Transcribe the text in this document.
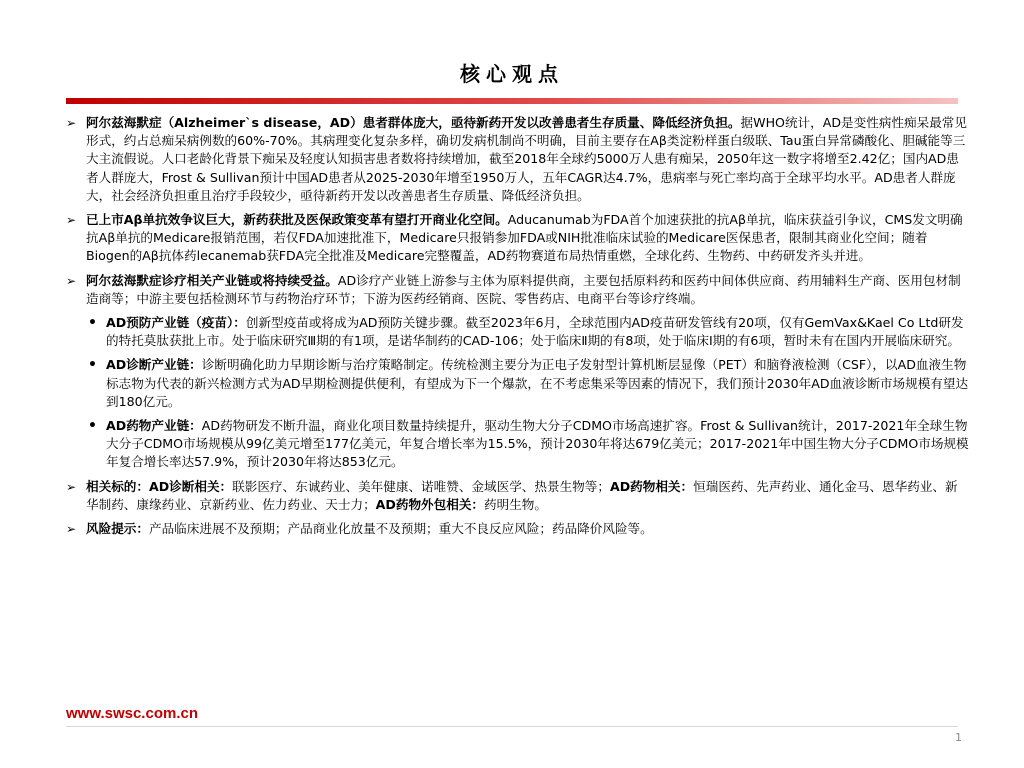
核心观点
➢ 阿尔兹海默症（Alzheimer`s disease，AD）患者群体庞大，亟待新药开发以改善患者生存质量、降低经济负担。据WHO统计，AD是变性病性痴呆最常见形式，约占总痴呆病例数的60%-70%。其病理变化复杂多样，确切发病机制尚不明确，目前主要存在Aβ类淀粉样蛋白级联、Tau蛋白异常磷酸化、胆碱能等三大主流假说。人口老龄化背景下痴呆及轻度认知损害患者数将持续增加，截至2018年全球约5000万人患有痴呆，2050年这一数字将增至2.42亿；国内AD患者人群庞大，Frost & Sullivan预计中国AD患者从2025-2030年增至1950万人，五年CAGR达4.7%，患病率与死亡率均高于全球平均水平。AD患者人群庞大，社会经济负担重且治疗手段较少，亟待新药开发以改善患者生存质量、降低经济负担。
➢ 已上市Aβ单抗效争议巨大，新药获批及医保政策变革有望打开商业化空间。Aducanumab为FDA首个加速获批的抗Aβ单抗，临床获益引争议，CMS发文明确抗Aβ单抗的Medicare报销范围，若仅FDA加速批准下，Medicare只报销参加FDA或NIH批准临床试验的Medicare医保患者，限制其商业化空间；随着Biogen的Aβ抗体药lecanemab获FDA完全批准及Medicare完整覆盖，AD药物赛道布局热情重燃，全球化药、生物药、中药研发齐头并进。
➢ 阿尔兹海默症诊疗相关产业链或将持续受益。AD诊疗产业链上游参与主体为原料提供商，主要包括原料药和医药中间体供应商、药用辅料生产商、医用包材制造商等；中游主要包括检测环节与药物治疗环节；下游为医药经销商、医院、零售药店、电商平台等诊疗终端。
• AD预防产业链（疫苗）：创新型疫苗或将成为AD预防关键步骤。截至2023年6月，全球范围内AD疫苗研发管线有20项，仅有GemVax&Kael Co Ltd研发的特托莫肽获批上市。处于临床研究Ⅲ期的有1项，是诺华制药的CAD-106；处于临床Ⅱ期的有8项，处于临床Ⅰ期的有6项，暂时未有在国内开展临床研究。
• AD诊断产业链：诊断明确化助力早期诊断与治疗策略制定。传统检测主要分为正电子发射型计算机断层显像（PET）和脑脊液检测（CSF），以AD血液生物标志物为代表的新兴检测方式为AD早期检测提供便利，有望成为下一个爆款，在不考虑集采等因素的情况下，我们预计2030年AD血液诊断市场规模有望达到180亿元。
• AD药物产业链：AD药物研发不断升温，商业化项目数量持续提升，驱动生物大分子CDMO市场高速扩容。Frost & Sullivan统计，2017-2021年全球生物大分子CDMO市场规模从99亿美元增至177亿美元，年复合增长率为15.5%，预计2030年将达679亿美元；2017-2021年中国生物大分子CDMO市场规模年复合增长率达57.9%，预计2030年将达853亿元。
➢ 相关标的：AD诊断相关：联影医疗、东诚药业、美年健康、诺唯赞、金域医学、热景生物等；AD药物相关：恒瑞医药、先声药业、通化金马、恩华药业、新华制药、康缘药业、京新药业、佐力药业、天士力；AD药物外包相关：药明生物。
➢ 风险提示：产品临床进展不及预期；产品商业化放量不及预期；重大不良反应风险；药品降价风险等。
www.swsc.com.cn
1
